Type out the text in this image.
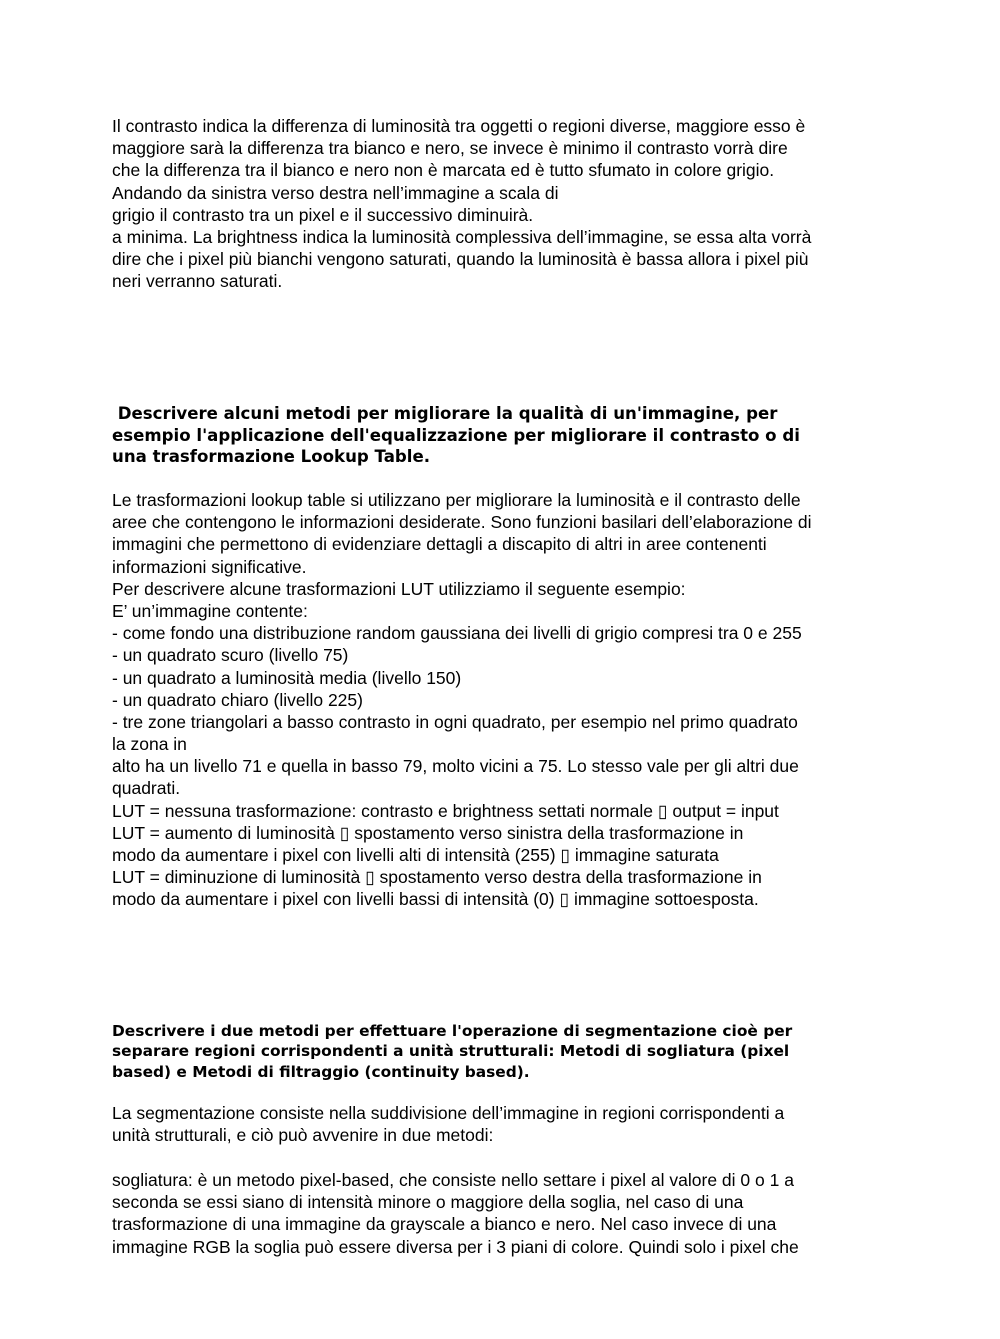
Il contrasto indica la differenza di luminosità tra oggetti o regioni diverse, maggiore esso è
maggiore sarà la differenza tra bianco e nero, se invece è minimo il contrasto vorrà dire
che la differenza tra il bianco e nero non è marcata ed è tutto sfumato in colore grigio.
Andando da sinistra verso destra nell’immagine a scala di
grigio il contrasto tra un pixel e il successivo diminuirà.
a minima. La brightness indica la luminosità complessiva dell’immagine, se essa alta vorrà
dire che i pixel più bianchi vengono saturati, quando la luminosità è bassa allora i pixel più
neri verranno saturati.
Descrivere alcuni metodi per migliorare la qualità di un'immagine, per
esempio l'applicazione dell'equalizzazione per migliorare il contrasto o di
una trasformazione Lookup Table.
Le trasformazioni lookup table si utilizzano per migliorare la luminosità e il contrasto delle
aree che contengono le informazioni desiderate. Sono funzioni basilari dell’elaborazione di
immagini che permettono di evidenziare dettagli a discapito di altri in aree contenenti
informazioni significative.
Per descrivere alcune trasformazioni LUT utilizziamo il seguente esempio:
E’ un’immagine contente:
- come fondo una distribuzione random gaussiana dei livelli di grigio compresi tra 0 e 255
- un quadrato scuro (livello 75)
- un quadrato a luminosità media (livello 150)
- un quadrato chiaro (livello 225)
- tre zone triangolari a basso contrasto in ogni quadrato, per esempio nel primo quadrato
la zona in
alto ha un livello 71 e quella in basso 79, molto vicini a 75. Lo stesso vale per gli altri due
quadrati.
LUT = nessuna trasformazione: contrasto e brightness settati normale ▯ output = input
LUT = aumento di luminosità ▯ spostamento verso sinistra della trasformazione in
modo da aumentare i pixel con livelli alti di intensità (255) ▯ immagine saturata
LUT = diminuzione di luminosità ▯ spostamento verso destra della trasformazione in
modo da aumentare i pixel con livelli bassi di intensità (0) ▯ immagine sottoesposta.
Descrivere i due metodi per effettuare l'operazione di segmentazione cioè per
separare regioni corrispondenti a unità strutturali: Metodi di sogliatura (pixel
based) e Metodi di filtraggio (continuity based).
La segmentazione consiste nella suddivisione dell’immagine in regioni corrispondenti a
unità strutturali, e ciò può avvenire in due metodi:
sogliatura: è un metodo pixel-based, che consiste nello settare i pixel al valore di 0 o 1 a
seconda se essi siano di intensità minore o maggiore della soglia, nel caso di una
trasformazione di una immagine da grayscale a bianco e nero. Nel caso invece di una
immagine RGB la soglia può essere diversa per i 3 piani di colore. Quindi solo i pixel che
